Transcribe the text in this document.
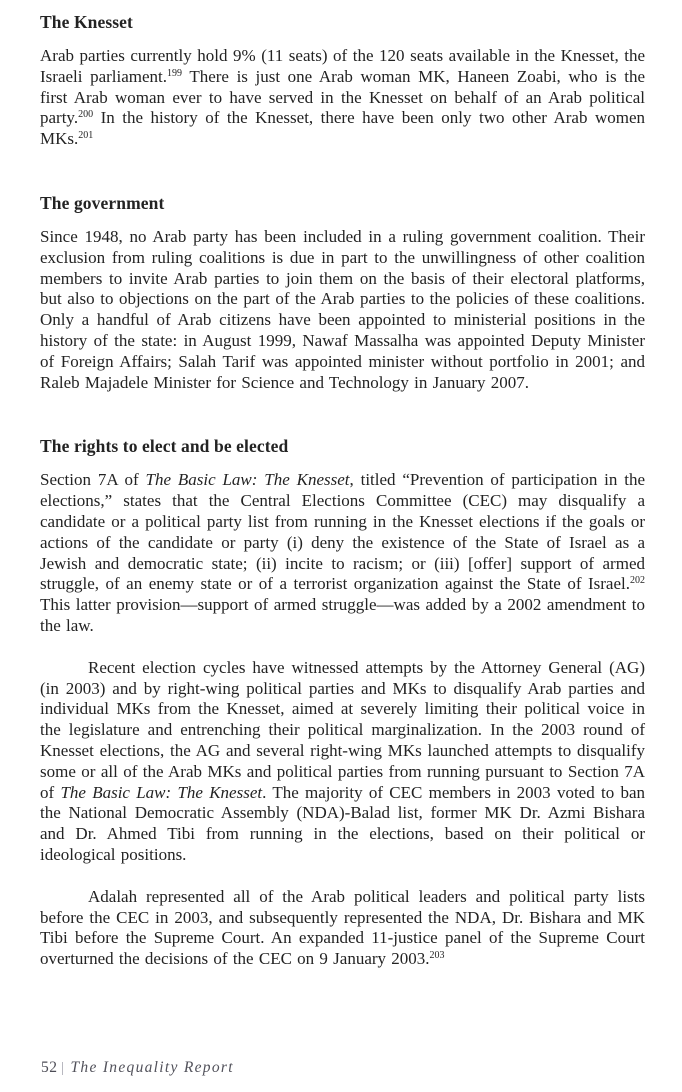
The Knesset

Arab parties currently hold 9% (11 seats) of the 120 seats available in the Knesset, the Israeli parliament.$^{199}$ There is just one Arab woman MK, Haneen Zoabi, who is the first Arab woman ever to have served in the Knesset on behalf of an Arab political party.$^{200}$ In the history of the Knesset, there have been only two other Arab women MKs.$^{201}$

The government

Since 1948, no Arab party has been included in a ruling government coalition. Their exclusion from ruling coalitions is due in part to the unwillingness of other coalition members to invite Arab parties to join them on the basis of their electoral platforms, but also to objections on the part of the Arab parties to the policies of these coalitions. Only a handful of Arab citizens have been appointed to ministerial positions in the history of the state: in August 1999, Nawaf Massalha was appointed Deputy Minister of Foreign Affairs; Salah Tarif was appointed minister without portfolio in 2001; and Raleb Majadele Minister for Science and Technology in January 2007.

The rights to elect and be elected

Section 7A of The Basic Law: The Knesset, titled “Prevention of participation in the elections,” states that the Central Elections Committee (CEC) may disqualify a candidate or a political party list from running in the Knesset elections if the goals or actions of the candidate or party (i) deny the existence of the State of Israel as a Jewish and democratic state; (ii) incite to racism; or (iii) [offer] support of armed struggle, of an enemy state or of a terrorist organization against the State of Israel.$^{202}$ This latter provision—support of armed struggle—was added by a 2002 amendment to the law.

Recent election cycles have witnessed attempts by the Attorney General (AG) (in 2003) and by right-wing political parties and MKs to disqualify Arab parties and individual MKs from the Knesset, aimed at severely limiting their political voice in the legislature and entrenching their political marginalization. In the 2003 round of Knesset elections, the AG and several right-wing MKs launched attempts to disqualify some or all of the Arab MKs and political parties from running pursuant to Section 7A of The Basic Law: The Knesset. The majority of CEC members in 2003 voted to ban the National Democratic Assembly (NDA)-Balad list, former MK Dr. Azmi Bishara and Dr. Ahmed Tibi from running in the elections, based on their political or ideological positions.

Adalah represented all of the Arab political leaders and political party lists before the CEC in 2003, and subsequently represented the NDA, Dr. Bishara and MK Tibi before the Supreme Court. An expanded 11-justice panel of the Supreme Court overturned the decisions of the CEC on 9 January 2003.$^{203}$

52 The Inequality Report
